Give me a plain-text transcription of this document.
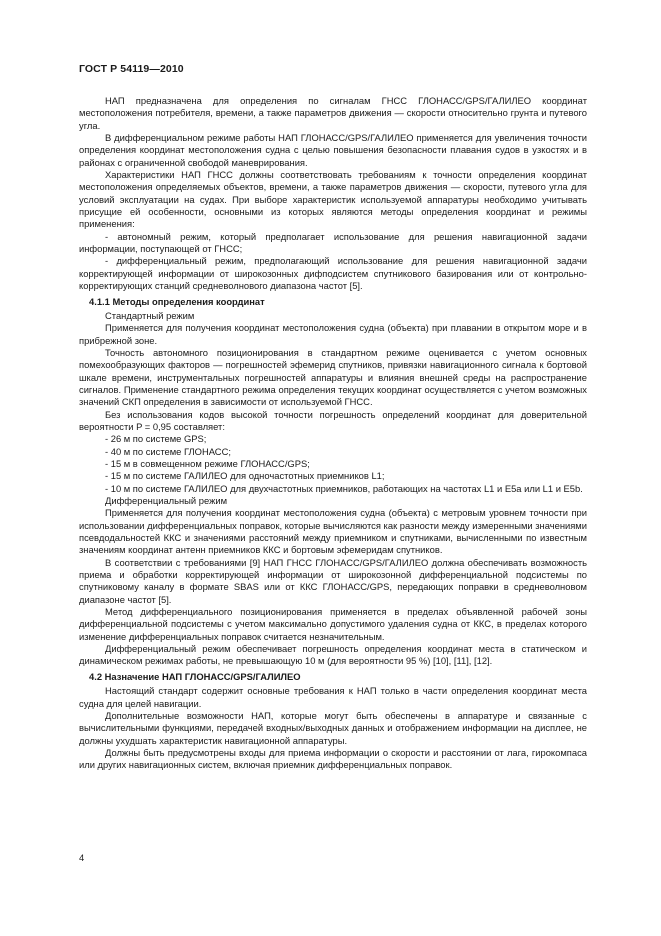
ГОСТ Р 54119—2010

НАП предназначена для определения по сигналам ГНСС ГЛОНАСС/GPS/ГАЛИЛЕО координат местоположения потребителя, времени, а также параметров движения — скорости относительно грунта и путевого угла.

В дифференциальном режиме работы НАП ГЛОНАСС/GPS/ГАЛИЛЕО применяется для увеличения точности определения координат местоположения судна с целью повышения безопасности плавания судов в узкостях и в районах с ограниченной свободой маневрирования.

Характеристики НАП ГНСС должны соответствовать требованиям к точности определения координат местоположения определяемых объектов, времени, а также параметров движения — скорости, путевого угла для условий эксплуатации на судах. При выборе характеристик используемой аппаратуры необходимо учитывать присущие ей особенности, основными из которых являются методы определения координат и режимы применения:

- автономный режим, который предполагает использование для решения навигационной задачи информации, поступающей от ГНСС;

- дифференциальный режим, предполагающий использование для решения навигационной задачи корректирующей информации от широкозонных дифподсистем спутникового базирования или от контрольно-корректирующих станций средневолнового диапазона частот [5].

4.1.1 Методы определения координат

Стандартный режим

Применяется для получения координат местоположения судна (объекта) при плавании в открытом море и в прибрежной зоне.

Точность автономного позиционирования в стандартном режиме оценивается с учетом основных помехообразующих факторов — погрешностей эфемерид спутников, привязки навигационного сигнала к бортовой шкале времени, инструментальных погрешностей аппаратуры и влияния внешней среды на распространение сигналов. Применение стандартного режима определения текущих координат осуществляется с учетом возможных значений СКП определения в зависимости от используемой ГНСС.

Без использования кодов высокой точности погрешность определений координат для доверительной вероятности P = 0,95 составляет:

- 26 м по системе GPS;

- 40 м по системе ГЛОНАСС;

- 15 м в совмещенном режиме ГЛОНАСС/GPS;

- 15 м по системе ГАЛИЛЕО для одночастотных приемников L1;

- 10 м по системе ГАЛИЛЕО для двухчастотных приемников, работающих на частотах L1 и E5a или L1 и E5b.

Дифференциальный режим

Применяется для получения координат местоположения судна (объекта) с метровым уровнем точности при использовании дифференциальных поправок, которые вычисляются как разности между измеренными значениями псевдодальностей ККС и значениями расстояний между приемником и спутниками, вычисленными по известным значениям координат антенн приемников ККС и бортовым эфемеридам спутников.

В соответствии с требованиями [9] НАП ГНСС ГЛОНАСС/GPS/ГАЛИЛЕО должна обеспечивать возможность приема и обработки корректирующей информации от широкозонной дифференциальной подсистемы по спутниковому каналу в формате SBAS или от ККС ГЛОНАСС/GPS, передающих поправки в средневолновом диапазоне частот [5].

Метод дифференциального позиционирования применяется в пределах объявленной рабочей зоны дифференциальной подсистемы с учетом максимально допустимого удаления судна от ККС, в пределах которого изменение дифференциальных поправок считается незначительным.

Дифференциальный режим обеспечивает погрешность определения координат места в статическом и динамическом режимах работы, не превышающую 10 м (для вероятности 95 %) [10], [11], [12].

4.2 Назначение НАП ГЛОНАСС/GPS/ГАЛИЛЕО

Настоящий стандарт содержит основные требования к НАП только в части определения координат места судна для целей навигации.

Дополнительные возможности НАП, которые могут быть обеспечены в аппаратуре и связанные с вычислительными функциями, передачей входных/выходных данных и отображением информации на дисплее, не должны ухудшать характеристик навигационной аппаратуры.

Должны быть предусмотрены входы для приема информации о скорости и расстоянии от лага, гирокомпаса или других навигационных систем, включая приемник дифференциальных поправок.

4
